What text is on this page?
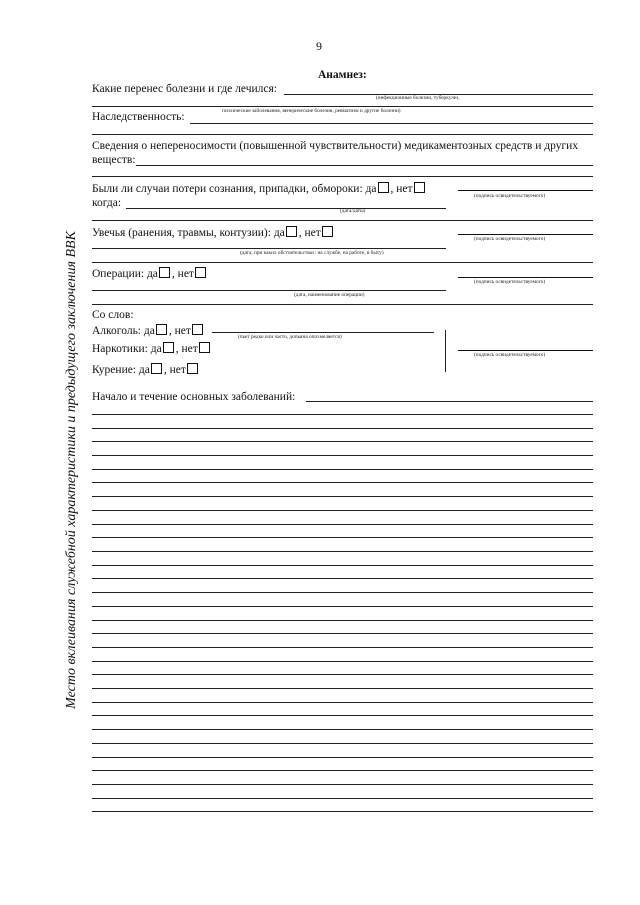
9
Анамнез:
Место вклеивания служебной характеристики и предыдущего заключения ВВК
Какие перенес болезни и где лечился:
(инфекционные болезни, туберкулез,
психические заболевания, венерические болезни, ревматизм и другие болезни)
Наследственность:
Сведения о непереносимости (повышенной чувствительности) медикаментозных средств и других
веществ:
Были ли случаи потери сознания, припадки, обмороки: да , нет
(подпись освидетельствуемого)
когда:
(дата/даты)
Увечья (ранения, травмы, контузии): да , нет	(подпись освидетельствуемого)
(дата, при каких обстоятельствах: на службе, на работе, в быту)
Операции: да , нет
(подпись освидетельствуемого)
(дата, наименование операции)
Со слов:
Алкоголь: да , нет	(пьет редко или часто, допьяна опохмеляется)
Наркотики: да , нет
Курение: да , нет
(подпись освидетельствуемого)
Начало и течение основных заболеваний:
